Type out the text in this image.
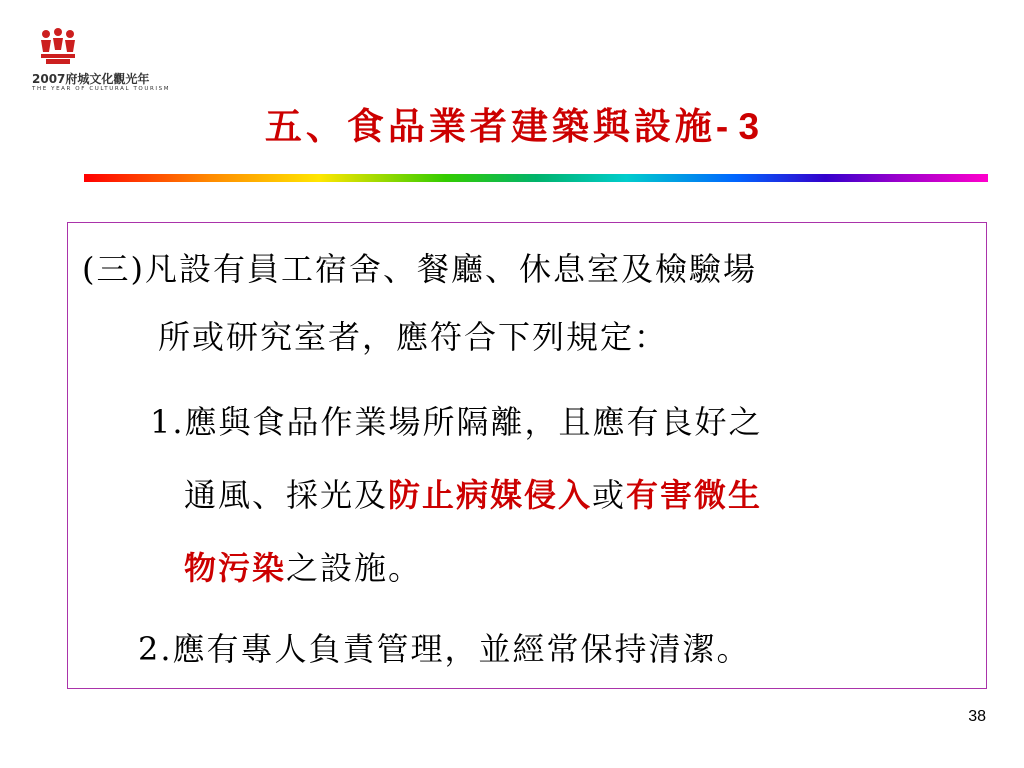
2007府城文化觀光年
THE YEAR OF CULTURAL TOURISM
五、食品業者建築與設施- 3
(三)凡設有員工宿舍、餐廳、休息室及檢驗場
所或研究室者，應符合下列規定：
1.應與食品作業場所隔離，且應有良好之
通風、採光及防止病媒侵入或有害微生
物污染之設施。
2.應有專人負責管理，並經常保持清潔。
38
